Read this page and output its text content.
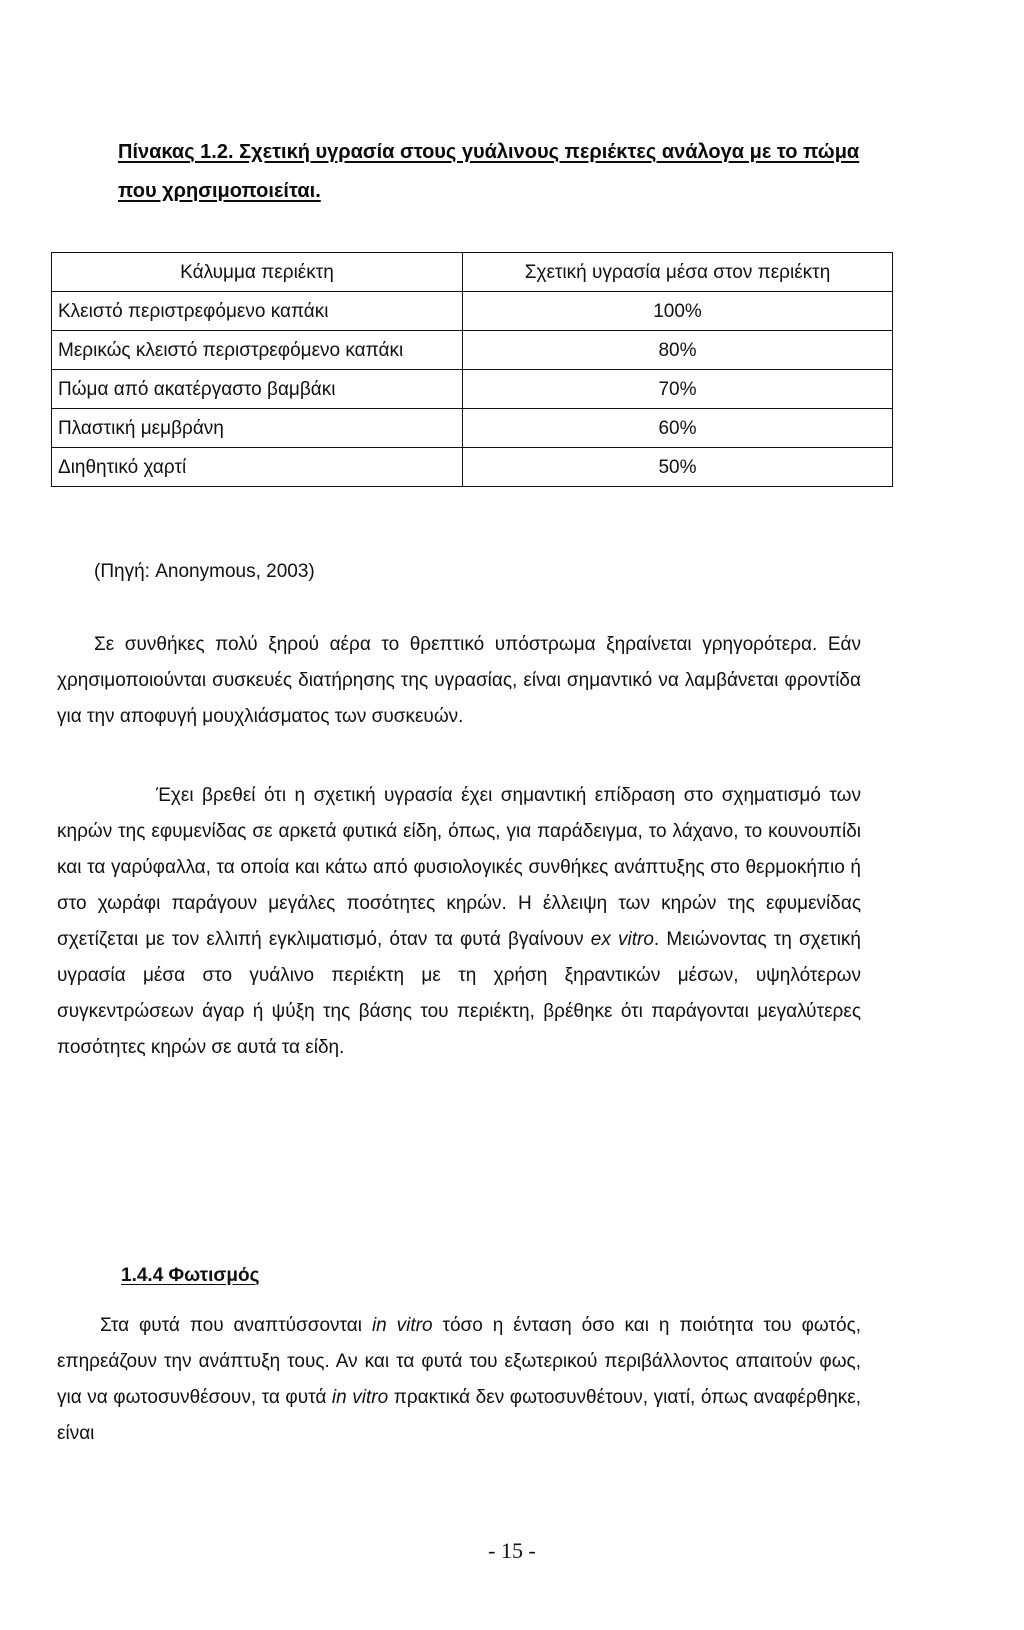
Πίνακας 1.2. Σχετική υγρασία στους γυάλινους περιέκτες ανάλογα με το πώμα που χρησιμοποιείται.
Κάλυμμα περιέκτη	Σχετική υγρασία μέσα στον περιέκτη
Κλειστό περιστρεφόμενο καπάκι	100%
Μερικώς κλειστό περιστρεφόμενο καπάκι	80%
Πώμα από ακατέργαστο βαμβάκι	70%
Πλαστική μεμβράνη	60%
Διηθητικό χαρτί	50%
(Πηγή: Anonymous, 2003)

Σε συνθήκες πολύ ξηρού αέρα το θρεπτικό υπόστρωμα ξηραίνεται γρηγορότερα. Εάν χρησιμοποιούνται συσκευές διατήρησης της υγρασίας, είναι σημαντικό να λαμβάνεται φροντίδα για την αποφυγή μουχλιάσματος των συσκευών.

Έχει βρεθεί ότι η σχετική υγρασία έχει σημαντική επίδραση στο σχηματισμό των κηρών της εφυμενίδας σε αρκετά φυτικά είδη, όπως, για παράδειγμα, το λάχανο, το κουνουπίδι και τα γαρύφαλλα, τα οποία και κάτω από φυσιολογικές συνθήκες ανάπτυξης στο θερμοκήπιο ή στο χωράφι παράγουν μεγάλες ποσότητες κηρών. Η έλλειψη των κηρών της εφυμενίδας σχετίζεται με τον ελλιπή εγκλιματισμό, όταν τα φυτά βγαίνουν ex vitro. Μειώνοντας τη σχετική υγρασία μέσα στο γυάλινο περιέκτη με τη χρήση ξηραντικών μέσων, υψηλότερων συγκεντρώσεων άγαρ ή ψύξη της βάσης του περιέκτη, βρέθηκε ότι παράγονται μεγαλύτερες ποσότητες κηρών σε αυτά τα είδη.

1.4.4 Φωτισμός

Στα φυτά που αναπτύσσονται in vitro τόσο η ένταση όσο και η ποιότητα του φωτός, επηρεάζουν την ανάπτυξη τους. Αν και τα φυτά του εξωτερικού περιβάλλοντος απαιτούν φως, για να φωτοσυνθέσουν, τα φυτά in vitro πρακτικά δεν φωτοσυνθέτουν, γιατί, όπως αναφέρθηκε, είναι

- 15 -
